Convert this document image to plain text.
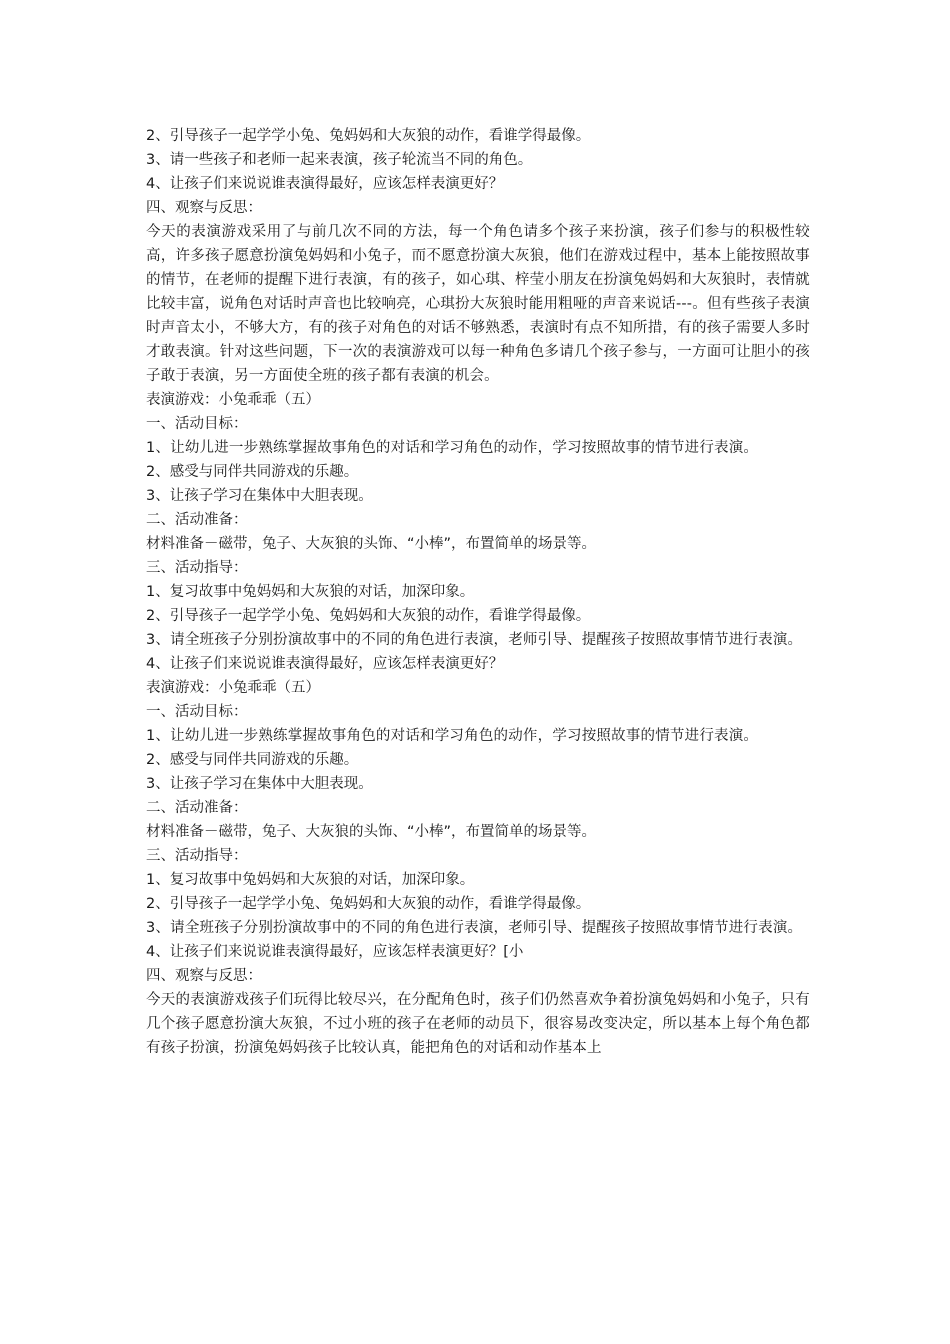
2、引导孩子一起学学小兔、兔妈妈和大灰狼的动作，看谁学得最像。
3、请一些孩子和老师一起来表演，孩子轮流当不同的角色。
4、让孩子们来说说谁表演得最好，应该怎样表演更好？
四、观察与反思：
今天的表演游戏采用了与前几次不同的方法，每一个角色请多个孩子来扮演，孩子们参与的积极性较高，许多孩子愿意扮演兔妈妈和小兔子，而不愿意扮演大灰狼，他们在游戏过程中，基本上能按照故事的情节，在老师的提醒下进行表演，有的孩子，如心琪、梓莹小朋友在扮演兔妈妈和大灰狼时，表情就比较丰富，说角色对话时声音也比较响亮，心琪扮大灰狼时能用粗哑的声音来说话---。但有些孩子表演时声音太小，不够大方，有的孩子对角色的对话不够熟悉，表演时有点不知所措，有的孩子需要人多时才敢表演。针对这些问题，下一次的表演游戏可以每一种角色多请几个孩子参与，一方面可让胆小的孩子敢于表演，另一方面使全班的孩子都有表演的机会。
表演游戏：小兔乖乖（五）
一、活动目标：
1、让幼儿进一步熟练掌握故事角色的对话和学习角色的动作，学习按照故事的情节进行表演。
2、感受与同伴共同游戏的乐趣。
3、让孩子学习在集体中大胆表现。
二、活动准备：
材料准备－磁带，兔子、大灰狼的头饰、“小棒”，布置简单的场景等。
三、活动指导：
1、复习故事中兔妈妈和大灰狼的对话，加深印象。
2、引导孩子一起学学小兔、兔妈妈和大灰狼的动作，看谁学得最像。
3、请全班孩子分别扮演故事中的不同的角色进行表演，老师引导、提醒孩子按照故事情节进行表演。
4、让孩子们来说说谁表演得最好，应该怎样表演更好？
表演游戏：小兔乖乖（五）
一、活动目标：
1、让幼儿进一步熟练掌握故事角色的对话和学习角色的动作，学习按照故事的情节进行表演。
2、感受与同伴共同游戏的乐趣。
3、让孩子学习在集体中大胆表现。
二、活动准备：
材料准备－磁带，兔子、大灰狼的头饰、“小棒”，布置简单的场景等。
三、活动指导：
1、复习故事中兔妈妈和大灰狼的对话，加深印象。
2、引导孩子一起学学小兔、兔妈妈和大灰狼的动作，看谁学得最像。
3、请全班孩子分别扮演故事中的不同的角色进行表演，老师引导、提醒孩子按照故事情节进行表演。
4、让孩子们来说说谁表演得最好，应该怎样表演更好？[小
四、观察与反思：
今天的表演游戏孩子们玩得比较尽兴，在分配角色时，孩子们仍然喜欢争着扮演兔妈妈和小兔子，只有几个孩子愿意扮演大灰狼，不过小班的孩子在老师的动员下，很容易改变决定，所以基本上每个角色都有孩子扮演，扮演兔妈妈孩子比较认真，能把角色的对话和动作基本上
